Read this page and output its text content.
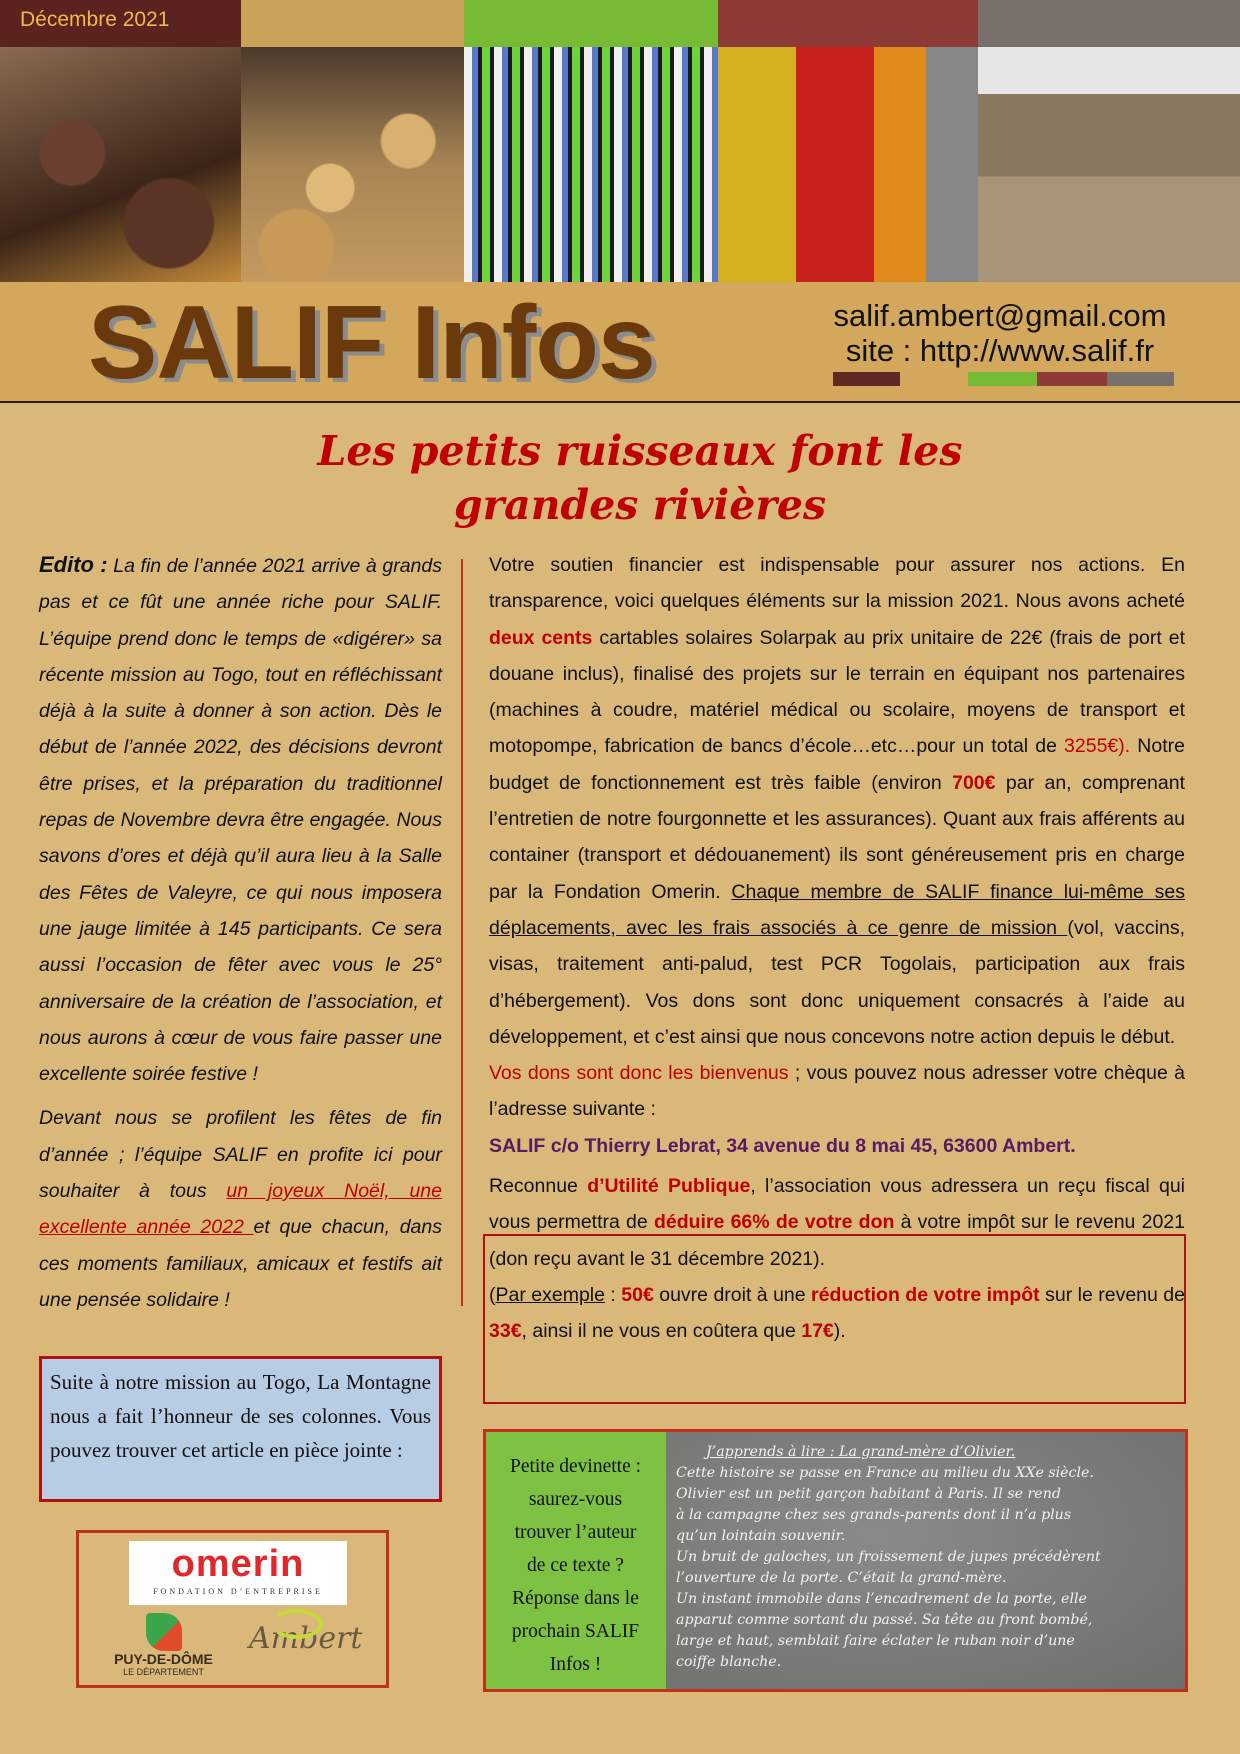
Décembre 2021
SALIF Infos	salif.ambert@gmail.com
site : http://www.salif.fr
Les petits ruisseaux font les
grandes rivières

Edito : La fin de l’année 2021 arrive à grands pas et ce fût une année riche pour SALIF. L’équipe prend donc le temps de «digérer» sa récente mission au Togo, tout en réfléchissant déjà à la suite à donner à son action. Dès le début de l’année 2022, des décisions devront être prises, et la préparation du traditionnel repas de Novembre devra être engagée. Nous savons d’ores et déjà qu’il aura lieu à la Salle des Fêtes de Valeyre, ce qui nous imposera une jauge limitée à 145 participants. Ce sera aussi l’occasion de fêter avec vous le 25° anniversaire de la création de l’association, et nous aurons à cœur de vous faire passer une excellente soirée festive !

Devant nous se profilent les fêtes de fin d’année ; l’équipe SALIF en profite ici pour souhaiter à tous un joyeux Noël, une excellente année 2022 et que chacun, dans ces moments familiaux, amicaux et festifs ait une pensée solidaire !

Votre soutien financier est indispensable pour assurer nos actions. En transparence, voici quelques éléments sur la mission 2021. Nous avons acheté deux cents cartables solaires Solarpak au prix unitaire de 22€ (frais de port et douane inclus), finalisé des projets sur le terrain en équipant nos partenaires (machines à coudre, matériel médical ou scolaire, moyens de transport et motopompe, fabrication de bancs d’école…etc…pour un total de 3255€). Notre budget de fonctionnement est très faible (environ 700€ par an, comprenant l’entretien de notre fourgonnette et les assurances). Quant aux frais afférents au container (transport et dédouanement) ils sont généreusement pris en charge par la Fondation Omerin. Chaque membre de SALIF finance lui-même ses déplacements, avec les frais associés à ce genre de mission (vol, vaccins, visas, traitement anti-palud, test PCR Togolais, participation aux frais d’hébergement). Vos dons sont donc uniquement consacrés à l’aide au développement, et c’est ainsi que nous concevons notre action depuis le début.

Vos dons sont donc les bienvenus ; vous pouvez nous adresser votre chèque à l’adresse suivante :

SALIF c/o Thierry Lebrat, 34 avenue du 8 mai 45, 63600 Ambert.

Reconnue d’Utilité Publique, l’association vous adressera un reçu fiscal qui vous permettra de déduire 66% de votre don à votre impôt sur le revenu 2021 (don reçu avant le 31 décembre 2021).
(Par exemple : 50€ ouvre droit à une réduction de votre impôt sur le revenu de 33€, ainsi il ne vous en coûtera que 17€).

Suite à notre mission au Togo, La Montagne nous a fait l’honneur de ses colonnes. Vous pouvez trouver cet article en pièce jointe :
omerin
FONDATION D’ENTREPRISE
PUY-DE-DÔME
LE DÉPARTEMENT
Ambert
Petite devinette :
saurez-vous
trouver l’auteur
de ce texte ?
Réponse dans le
prochain SALIF
Infos !
J’apprends à lire : La grand-mère d’Olivier.
Cette histoire se passe en France au milieu du XXe siècle.
Olivier est un petit garçon habitant à Paris. Il se rend
à la campagne chez ses grands-parents dont il n’a plus
qu’un lointain souvenir.
Un bruit de galoches, un froissement de jupes précédèrent
l’ouverture de la porte. C’était la grand-mère.
Un instant immobile dans l’encadrement de la porte, elle
apparut comme sortant du passé. Sa tête au front bombé,
large et haut, semblait faire éclater le ruban noir d’une
coiffe blanche.
